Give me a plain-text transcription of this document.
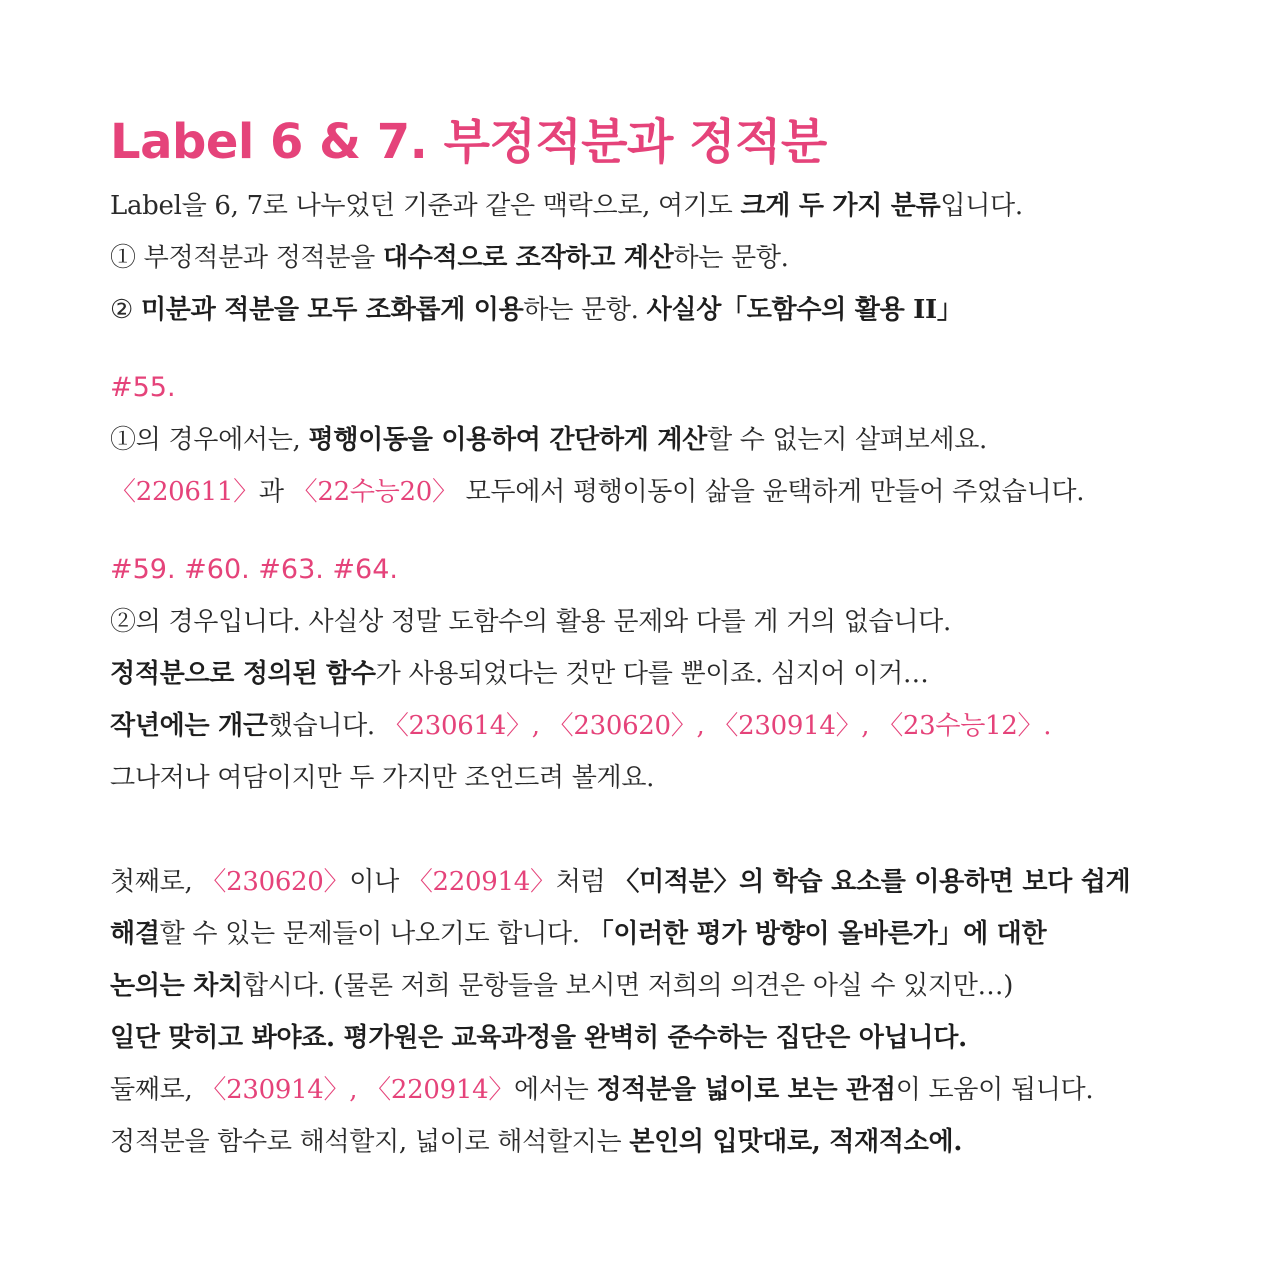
Label 6 & 7. 부정적분과 정적분
Label을 6, 7로 나누었던 기준과 같은 맥락으로, 여기도 크게 두 가지 분류입니다.
① 부정적분과 정적분을 대수적으로 조작하고 계산하는 문항.
② 미분과 적분을 모두 조화롭게 이용하는 문항. 사실상「도함수의 활용 II」
#55.
①의 경우에서는, 평행이동을 이용하여 간단하게 계산할 수 없는지 살펴보세요.
〈220611〉과 〈22수능20〉 모두에서 평행이동이 삶을 윤택하게 만들어 주었습니다.
#59. #60. #63. #64.
②의 경우입니다. 사실상 정말 도함수의 활용 문제와 다를 게 거의 없습니다.
정적분으로 정의된 함수가 사용되었다는 것만 다를 뿐이죠. 심지어 이거…
작년에는 개근했습니다. 〈230614〉, 〈230620〉, 〈230914〉, 〈23수능12〉.
그나저나 여담이지만 두 가지만 조언드려 볼게요.
첫째로, 〈230620〉이나 〈220914〉처럼 〈미적분〉의 학습 요소를 이용하면 보다 쉽게
해결할 수 있는 문제들이 나오기도 합니다. 「이러한 평가 방향이 올바른가」에 대한
논의는 차치합시다. (물론 저희 문항들을 보시면 저희의 의견은 아실 수 있지만…)
일단 맞히고 봐야죠. 평가원은 교육과정을 완벽히 준수하는 집단은 아닙니다.
둘째로, 〈230914〉, 〈220914〉에서는 정적분을 넓이로 보는 관점이 도움이 됩니다.
정적분을 함수로 해석할지, 넓이로 해석할지는 본인의 입맛대로, 적재적소에.
